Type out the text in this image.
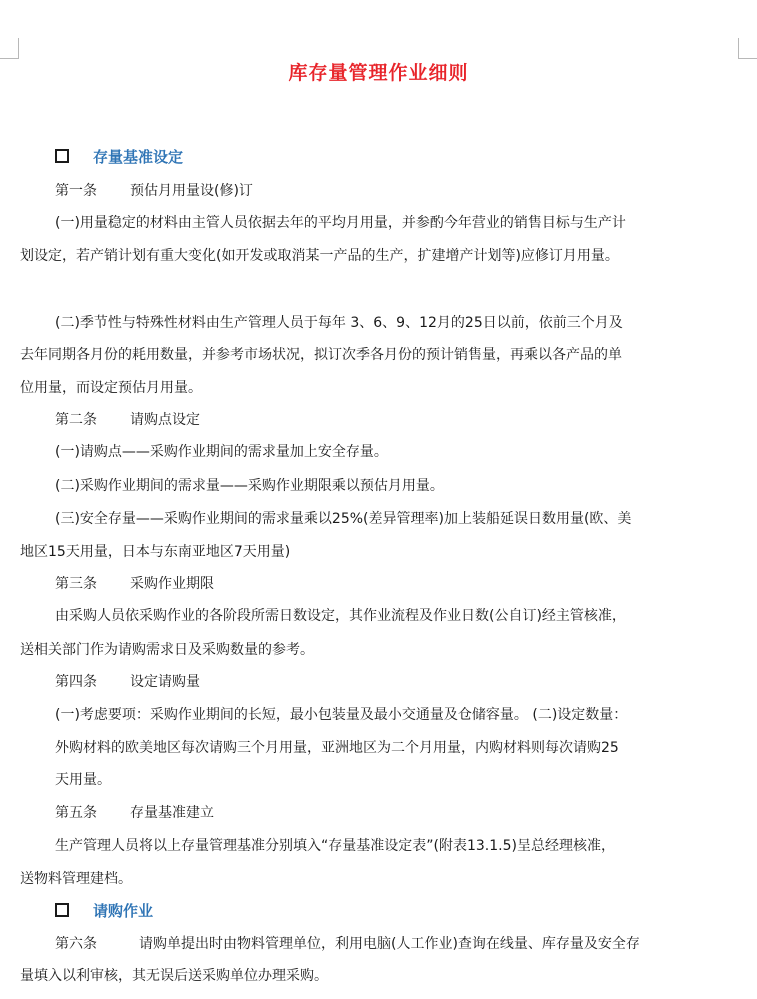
库存量管理作业细则
存量基准设定
第一条 预估月用量设(修)订
(一)用量稳定的材料由主管人员依据去年的平均月用量，并参酌今年营业的销售目标与生产计
划设定，若产销计划有重大变化(如开发或取消某一产品的生产，扩建增产计划等)应修订月用量。
(二)季节性与特殊性材料由生产管理人员于每年 3、6、9、12月的25日以前，依前三个月及
去年同期各月份的耗用数量，并参考市场状况，拟订次季各月份的预计销售量，再乘以各产品的单
位用量，而设定预估月用量。
第二条 请购点设定
(一)请购点——采购作业期间的需求量加上安全存量。
(二)采购作业期间的需求量——采购作业期限乘以预估月用量。
(三)安全存量——采购作业期间的需求量乘以25%(差异管理率)加上装船延误日数用量(欧、美
地区15天用量，日本与东南亚地区7天用量)
第三条 采购作业期限
由采购人员依采购作业的各阶段所需日数设定，其作业流程及作业日数(公自订)经主管核准，
送相关部门作为请购需求日及采购数量的参考。
第四条 设定请购量
(一)考虑要项：采购作业期间的长短，最小包装量及最小交通量及仓储容量。 (二)设定数量：
外购材料的欧美地区每次请购三个月用量，亚洲地区为二个月用量，内购材料则每次请购25
天用量。
第五条 存量基准建立
生产管理人员将以上存量管理基准分别填入“存量基准设定表”(附表13.1.5)呈总经理核准，
送物料管理建档。
请购作业
第六条	请购单提出时由物料管理单位，利用电脑(人工作业)查询在线量、库存量及安全存
量填入以利审核，其无误后送采购单位办理采购。
